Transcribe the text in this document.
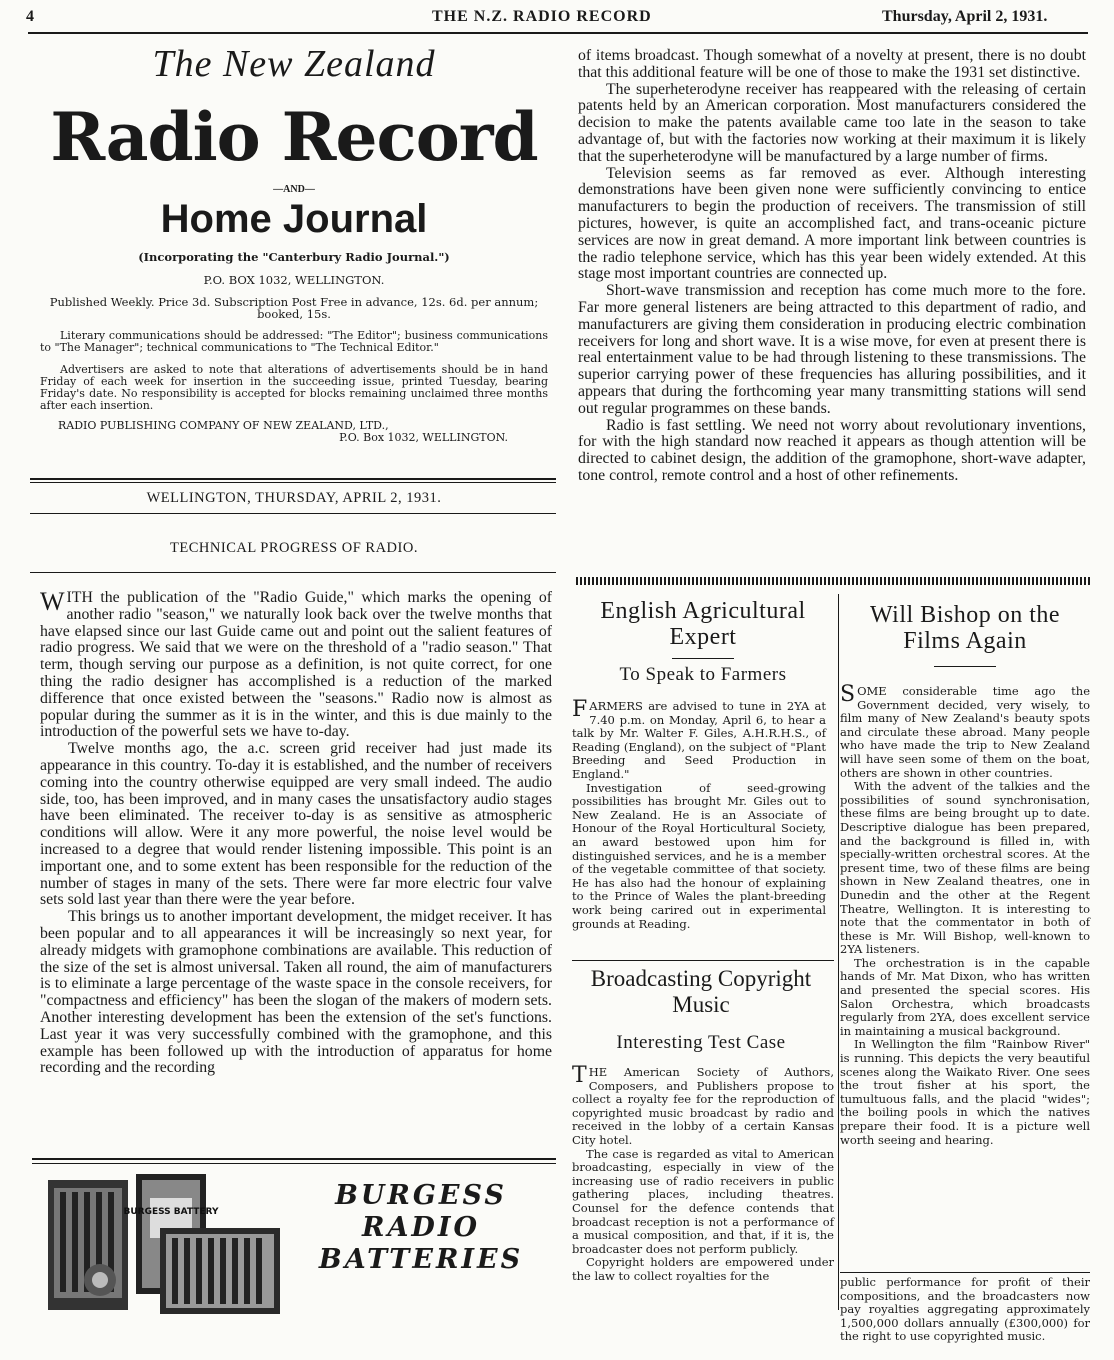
4	THE N.Z. RADIO RECORD	Thursday, April 2, 1931.
The New Zealand
Radio Record
—AND—
Home Journal
(Incorporating the "Canterbury Radio Journal.")
P.O. BOX 1032, WELLINGTON.
Published Weekly. Price 3d. Subscription Post Free in advance, 12s. 6d. per annum; booked, 15s.
Literary communications should be addressed: "The Editor"; business communications to "The Manager"; technical communications to "The Technical Editor."
Advertisers are asked to note that alterations of advertisements should be in hand Friday of each week for insertion in the succeeding issue, printed Tuesday, bearing Friday's date. No responsibility is accepted for blocks remaining unclaimed three months after each insertion.
RADIO PUBLISHING COMPANY OF NEW ZEALAND, LTD.,
P.O. Box 1032, WELLINGTON.
WELLINGTON, THURSDAY, APRIL 2, 1931.
TECHNICAL PROGRESS OF RADIO.

WITH the publication of the "Radio Guide," which marks the opening of another radio "season," we naturally look back over the twelve months that have elapsed since our last Guide came out and point out the salient features of radio progress. We said that we were on the threshold of a "radio season." That term, though serving our purpose as a definition, is not quite correct, for one thing the radio designer has accomplished is a reduction of the marked difference that once existed between the "seasons." Radio now is almost as popular during the summer as it is in the winter, and this is due mainly to the introduction of the powerful sets we have to-day.

Twelve months ago, the a.c. screen grid receiver had just made its appearance in this country. To-day it is established, and the number of receivers coming into the country otherwise equipped are very small indeed. The audio side, too, has been improved, and in many cases the unsatisfactory audio stages have been eliminated. The receiver to-day is as sensitive as atmospheric conditions will allow. Were it any more powerful, the noise level would be increased to a degree that would render listening impossible. This point is an important one, and to some extent has been responsible for the reduction of the number of stages in many of the sets. There were far more electric four valve sets sold last year than there were the year before.

This brings us to another important development, the midget receiver. It has been popular and to all appearances it will be increasingly so next year, for already midgets with gramophone combinations are available. This reduction of the size of the set is almost universal. Taken all round, the aim of manufacturers is to eliminate a large percentage of the waste space in the console receivers, for "compactness and efficiency" has been the slogan of the makers of modern sets. Another interesting development has been the extension of the set's functions. Last year it was very successfully combined with the gramophone, and this example has been followed up with the introduction of apparatus for home recording and the recording

of items broadcast. Though somewhat of a novelty at present, there is no doubt that this additional feature will be one of those to make the 1931 set distinctive.

The superheterodyne receiver has reappeared with the releasing of certain patents held by an American corporation. Most manufacturers considered the decision to make the patents available came too late in the season to take advantage of, but with the factories now working at their maximum it is likely that the superheterodyne will be manufactured by a large number of firms.

Television seems as far removed as ever. Although interesting demonstrations have been given none were sufficiently convincing to entice manufacturers to begin the production of receivers. The transmission of still pictures, however, is quite an accomplished fact, and trans-oceanic picture services are now in great demand. A more important link between countries is the radio telephone service, which has this year been widely extended. At this stage most important countries are connected up.

Short-wave transmission and reception has come much more to the fore. Far more general listeners are being attracted to this department of radio, and manufacturers are giving them consideration in producing electric combination receivers for long and short wave. It is a wise move, for even at present there is real entertainment value to be had through listening to these transmissions. The superior carrying power of these frequencies has alluring possibilities, and it appears that during the forthcoming year many transmitting stations will send out regular programmes on these bands.

Radio is fast settling. We need not worry about revolutionary inventions, for with the high standard now reached it appears as though attention will be directed to cabinet design, the addition of the gramophone, short-wave adapter, tone control, remote control and a host of other refinements.

English Agricultural Expert
To Speak to Farmers

FARMERS are advised to tune in 2YA at 7.40 p.m. on Monday, April 6, to hear a talk by Mr. Walter F. Giles, A.H.R.H.S., of Reading (England), on the subject of "Plant Breeding and Seed Production in England."

Investigation of seed-growing possibilities has brought Mr. Giles out to New Zealand. He is an Associate of Honour of the Royal Horticultural Society, an award bestowed upon him for distinguished services, and he is a member of the vegetable committee of that society. He has also had the honour of explaining to the Prince of Wales the plant-breeding work being carired out in experimental grounds at Reading.

Broadcasting Copyright Music
Interesting Test Case

THE American Society of Authors, Composers, and Publishers propose to collect a royalty fee for the reproduction of copyrighted music broadcast by radio and received in the lobby of a certain Kansas City hotel.

The case is regarded as vital to American broadcasting, especially in view of the increasing use of radio receivers in public gathering places, including theatres. Counsel for the defence contends that broadcast reception is not a performance of a musical composition, and that, if it is, the broadcaster does not perform publicly.

Copyright holders are empowered under the law to collect royalties for the

Will Bishop on the Films Again

SOME considerable time ago the Government decided, very wisely, to film many of New Zealand's beauty spots and circulate these abroad. Many people who have made the trip to New Zealand will have seen some of them on the boat, others are shown in other countries.

With the advent of the talkies and the possibilities of sound synchronisation, these films are being brought up to date. Descriptive dialogue has been prepared, and the background is filled in, with specially-written orchestral scores. At the present time, two of these films are being shown in New Zealand theatres, one in Dunedin and the other at the Regent Theatre, Wellington. It is interesting to note that the commentator in both of these is Mr. Will Bishop, well-known to 2YA listeners.

The orchestration is in the capable hands of Mr. Mat Dixon, who has written and presented the special scores. His Salon Orchestra, which broadcasts regularly from 2YA, does excellent service in maintaining a musical background.

In Wellington the film "Rainbow River" is running. This depicts the very beautiful scenes along the Waikato River. One sees the trout fisher at his sport, the tumultuous falls, and the placid "wides"; the boiling pools in which the natives prepare their food. It is a picture well worth seeing and hearing.

public performance for profit of their compositions, and the broadcasters now pay royalties aggregating approximately 1,500,000 dollars annually (£300,000) for the right to use copyrighted music.
BURGESS BATTERY
BURGESS
RADIO
BATTERIES
